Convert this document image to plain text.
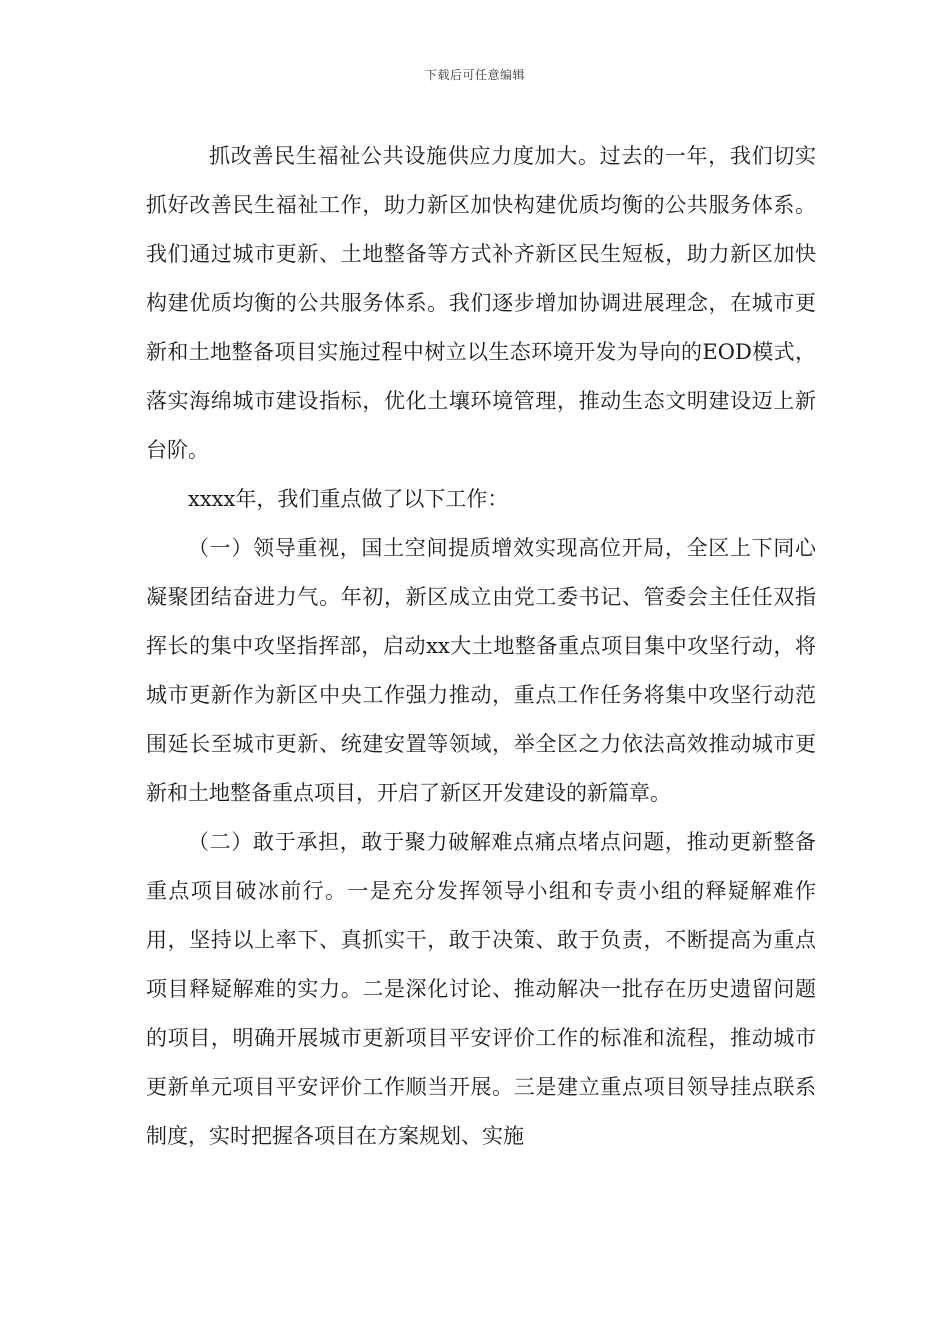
下载后可任意编辑

抓改善民生福祉公共设施供应力度加大。过去的一年，我们切实抓好改善民生福祉工作，助力新区加快构建优质均衡的公共服务体系。我们通过城市更新、土地整备等方式补齐新区民生短板，助力新区加快构建优质均衡的公共服务体系。我们逐步增加协调进展理念，在城市更新和土地整备项目实施过程中树立以生态环境开发为导向的EOD模式，落实海绵城市建设指标，优化土壤环境管理，推动生态文明建设迈上新台阶。

xxxx年，我们重点做了以下工作：

（一）领导重视，国土空间提质增效实现高位开局，全区上下同心凝聚团结奋进力气。年初，新区成立由党工委书记、管委会主任任双指挥长的集中攻坚指挥部，启动xx大土地整备重点项目集中攻坚行动，将城市更新作为新区中央工作强力推动，重点工作任务将集中攻坚行动范围延长至城市更新、统建安置等领域，举全区之力依法高效推动城市更新和土地整备重点项目，开启了新区开发建设的新篇章。

（二）敢于承担，敢于聚力破解难点痛点堵点问题，推动更新整备重点项目破冰前行。一是充分发挥领导小组和专责小组的释疑解难作用，坚持以上率下、真抓实干，敢于决策、敢于负责，不断提高为重点项目释疑解难的实力。二是深化讨论、推动解决一批存在历史遗留问题的项目，明确开展城市更新项目平安评价工作的标准和流程，推动城市更新单元项目平安评价工作顺当开展。三是建立重点项目领导挂点联系制度，实时把握各项目在方案规划、实施
